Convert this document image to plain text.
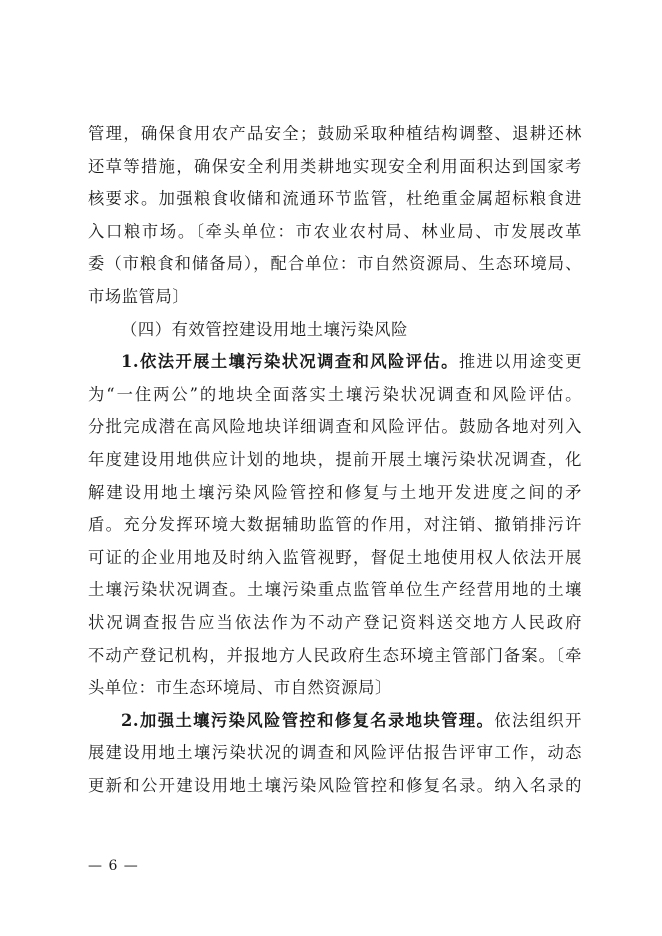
管理，确保食用农产品安全；鼓励采取种植结构调整、退耕还林
还草等措施，确保安全利用类耕地实现安全利用面积达到国家考
核要求。加强粮食收储和流通环节监管，杜绝重金属超标粮食进
入口粮市场。〔牵头单位：市农业农村局、林业局、市发展改革
委（市粮食和储备局），配合单位：市自然资源局、生态环境局、
市场监管局〕
（四）有效管控建设用地土壤污染风险
1.依法开展土壤污染状况调查和风险评估。推进以用途变更
为“一住两公”的地块全面落实土壤污染状况调查和风险评估。
分批完成潜在高风险地块详细调查和风险评估。鼓励各地对列入
年度建设用地供应计划的地块，提前开展土壤污染状况调查，化
解建设用地土壤污染风险管控和修复与土地开发进度之间的矛
盾。充分发挥环境大数据辅助监管的作用，对注销、撤销排污许
可证的企业用地及时纳入监管视野，督促土地使用权人依法开展
土壤污染状况调查。土壤污染重点监管单位生产经营用地的土壤
状况调查报告应当依法作为不动产登记资料送交地方人民政府
不动产登记机构，并报地方人民政府生态环境主管部门备案。〔牵
头单位：市生态环境局、市自然资源局〕
2.加强土壤污染风险管控和修复名录地块管理。依法组织开
展建设用地土壤污染状况的调查和风险评估报告评审工作，动态
更新和公开建设用地土壤污染风险管控和修复名录。纳入名录的
— 6 —
